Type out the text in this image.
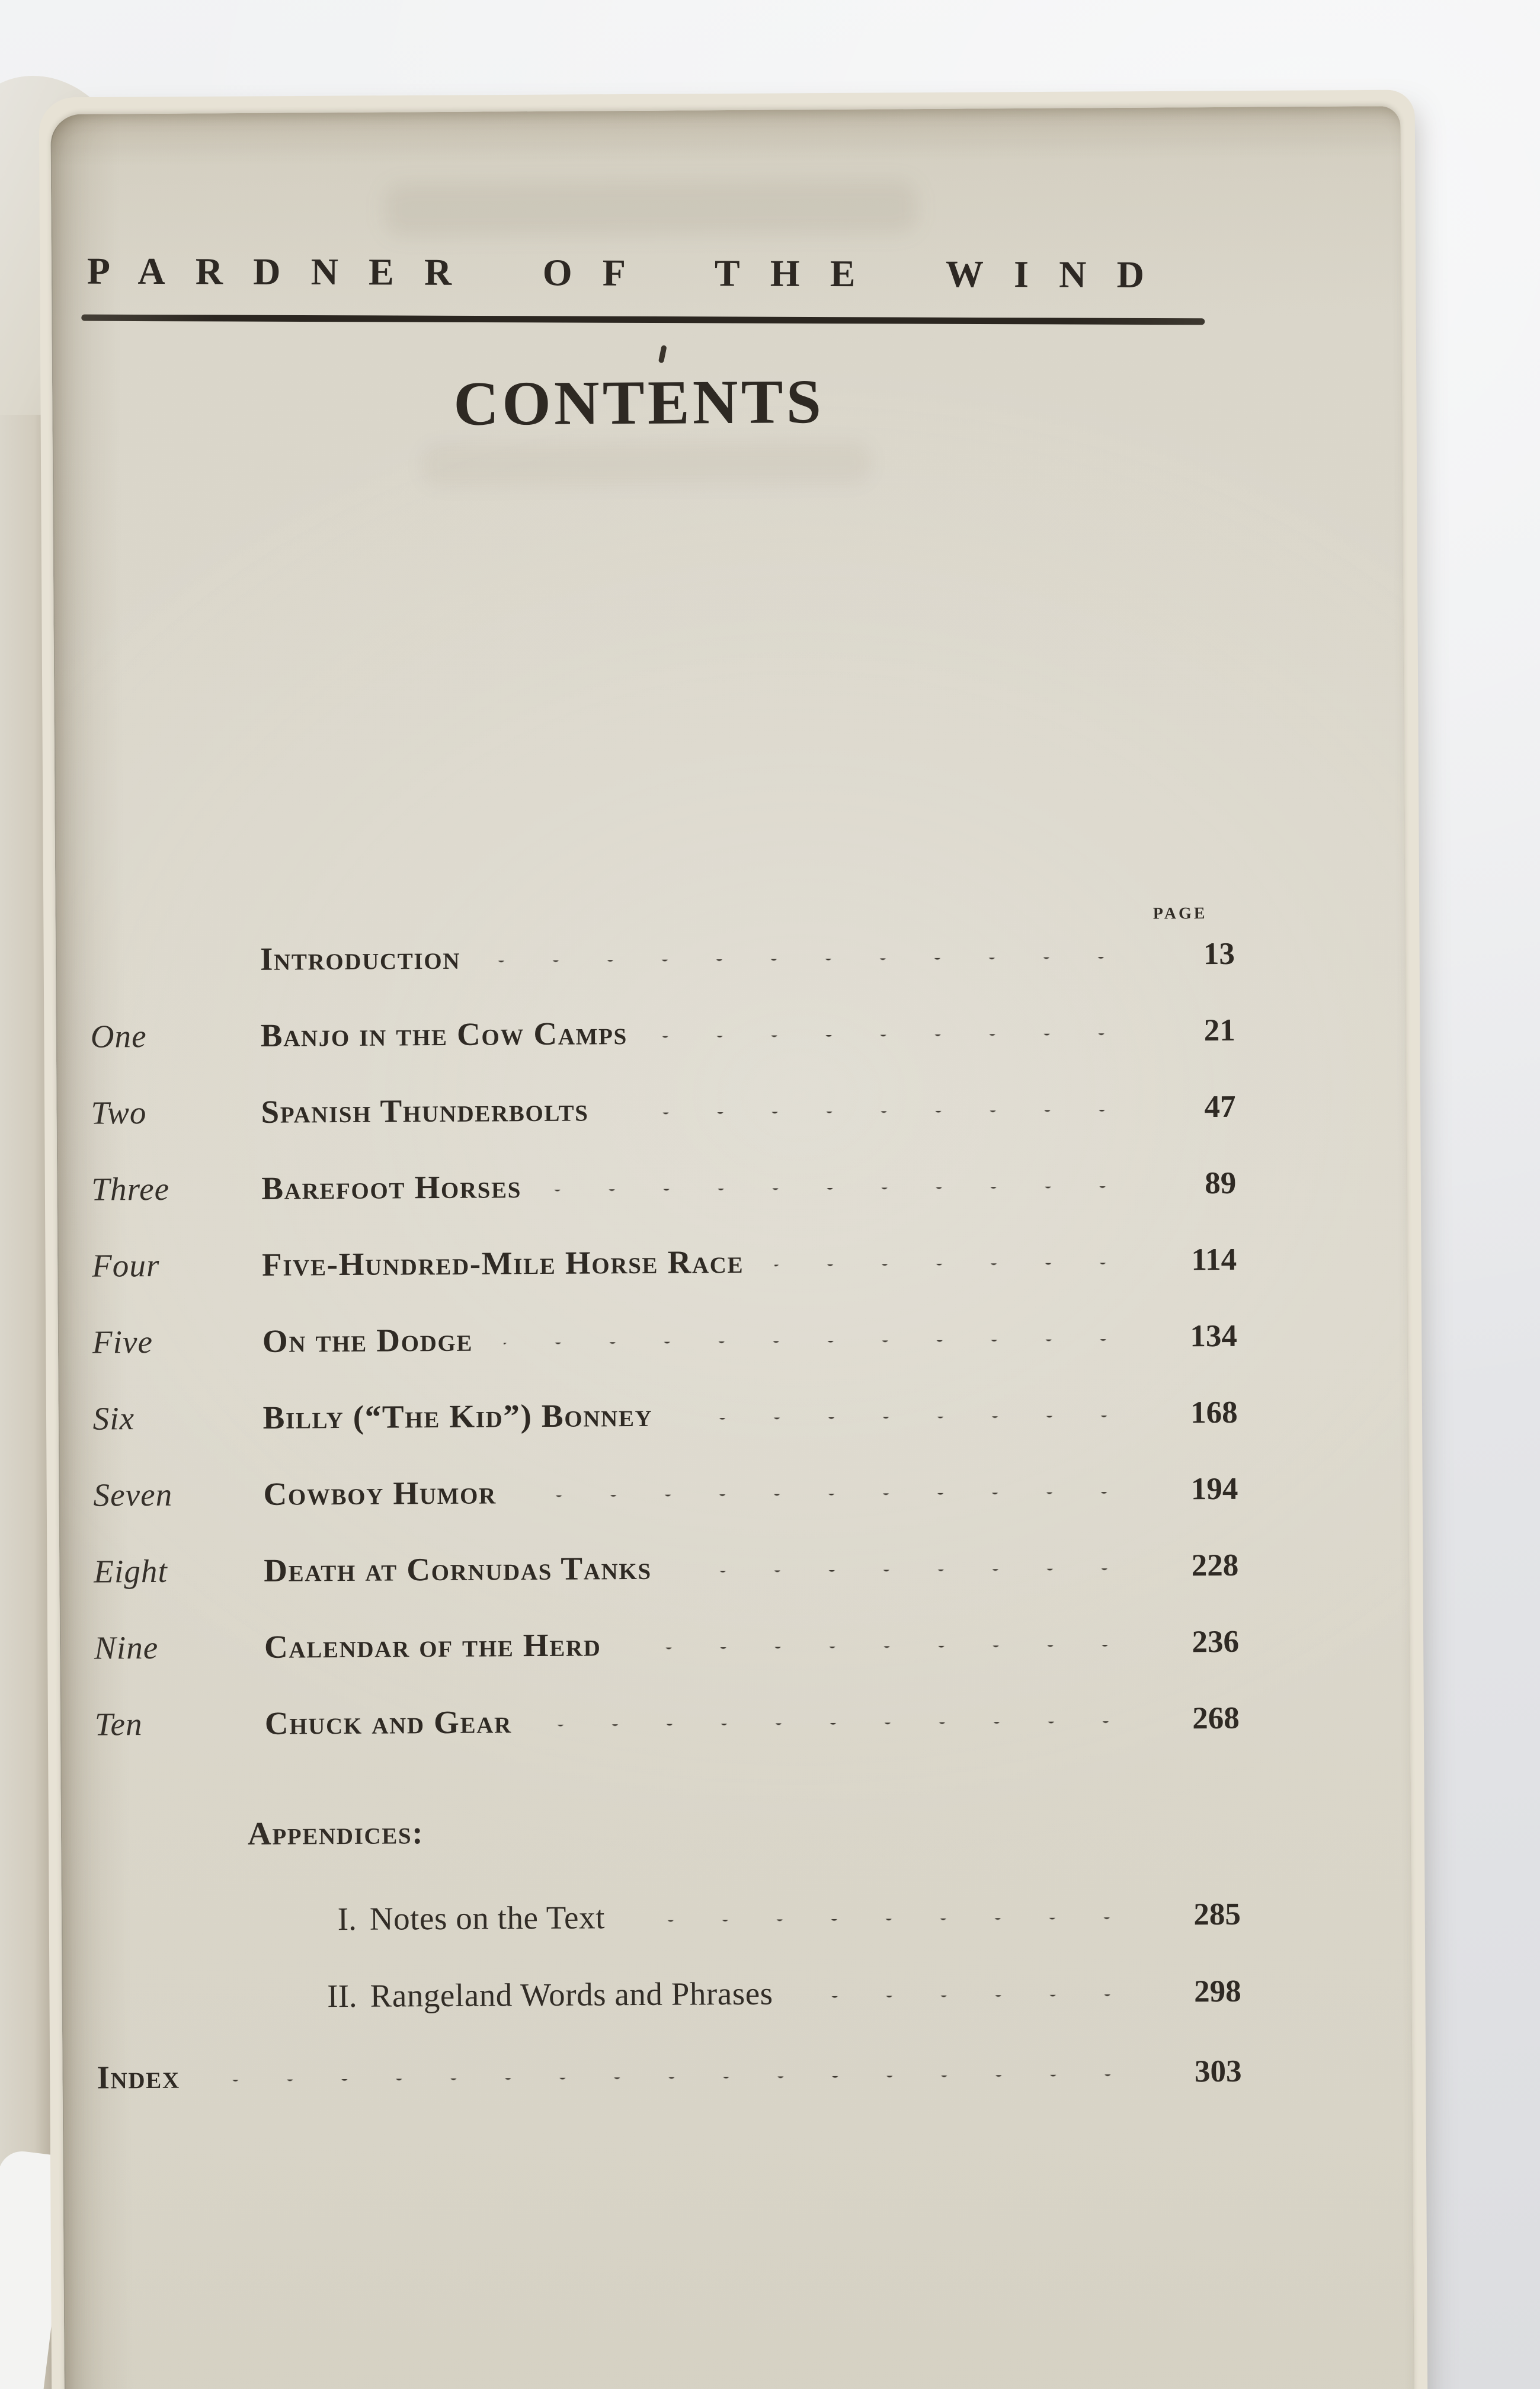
PARDNER OF THE WIND
CONTENTS
page
Introduction	13
One	Banjo in the Cow Camps	21
Two	Spanish Thunderbolts	47
Three	Barefoot Horses	89
Four	Five-Hundred-Mile Horse Race	114
Five	On the Dodge	134
Six	Billy (“The Kid”) Bonney	168
Seven	Cowboy Humor	194
Eight	Death at Cornudas Tanks	228
Nine	Calendar of the Herd	236
Ten	Chuck and Gear	268
Appendices:
I. Notes on the Text	285
II. Rangeland Words and Phrases	298
Index	303
